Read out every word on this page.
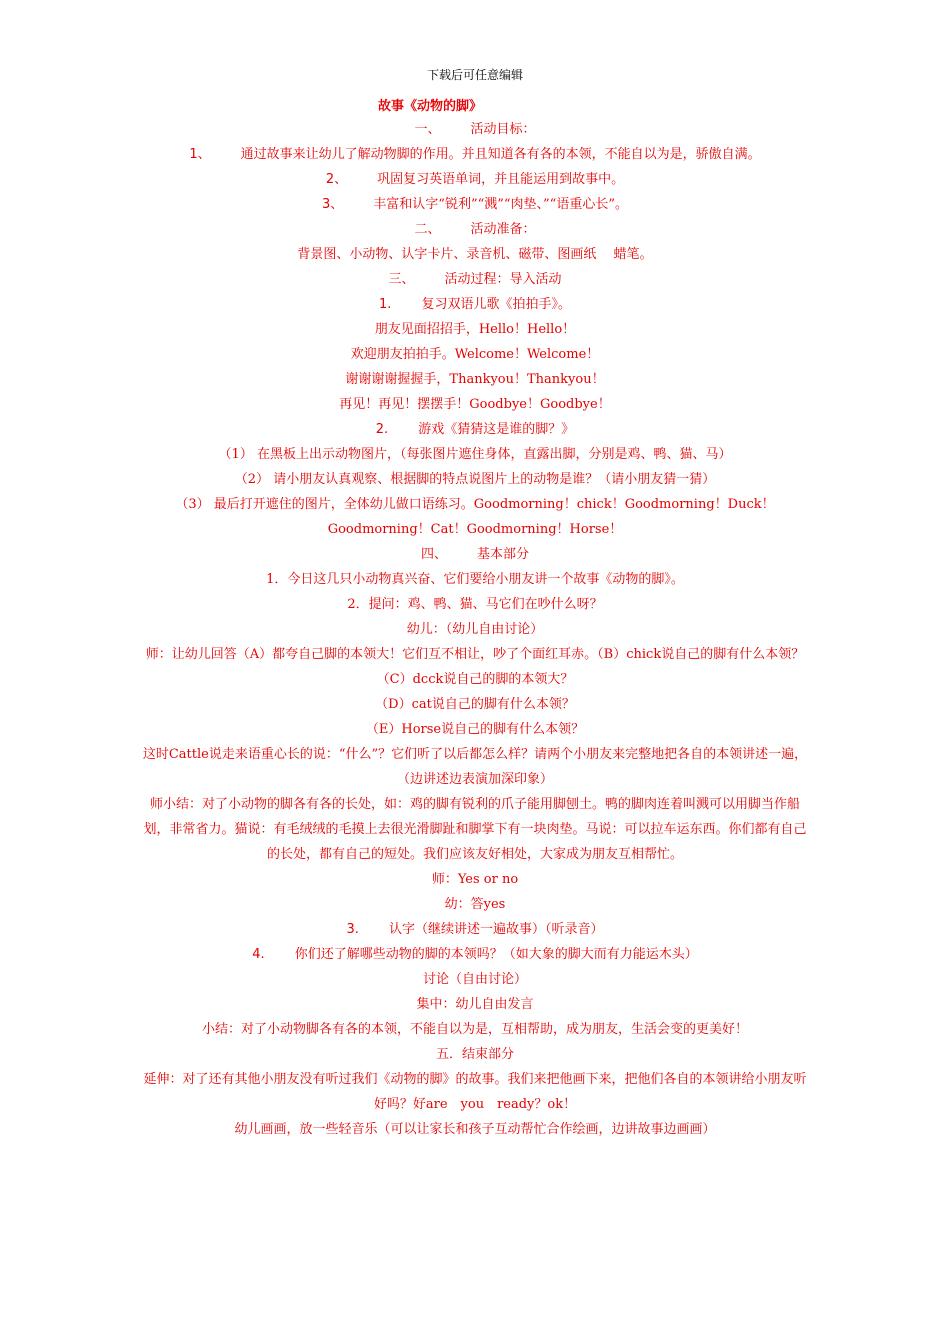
下载后可任意编辑
故事《动物的脚》
一、 活动目标：
1、 通过故事来让幼儿了解动物脚的作用。并且知道各有各的本领，不能自以为是，骄傲自满。
2、 巩固复习英语单词，并且能运用到故事中。
3、 丰富和认字“锐利”“溅”“肉垫、”“语重心长”。
二、 活动准备：
背景图、小动物、认字卡片、录音机、磁带、图画纸　 蜡笔。
三、 活动过程：导入活动
1. 复习双语儿歌《拍拍手》。
朋友见面招招手，Hello！Hello！
欢迎朋友拍拍手。Welcome！Welcome！
谢谢谢谢握握手，Thankyou！Thankyou！
再见！再见！摆摆手！Goodbye！Goodbye！
2. 游戏《猜猜这是谁的脚？》
（1） 在黑板上出示动物图片，（每张图片遮住身体，直露出脚，分别是鸡、鸭、猫、马）
（2） 请小朋友认真观察、根据脚的特点说图片上的动物是谁？（请小朋友猜一猜）
（3） 最后打开遮住的图片，全体幼儿做口语练习。Goodmorning！chick！Goodmorning！Duck！Goodmorning！Cat！Goodmorning！Horse！
四、 基本部分
1．今日这几只小动物真兴奋、它们要给小朋友讲一个故事《动物的脚》。
2．提问：鸡、鸭、猫、马它们在吵什么呀？
幼儿：（幼儿自由讨论）
师：让幼儿回答（A）都夸自己脚的本领大！它们互不相让，吵了个面红耳赤。（B）chick说自己的脚有什么本领？
（C）dcck说自己的脚的本领大？
（D）cat说自己的脚有什么本领？
（E）Horse说自己的脚有什么本领？
这时Cattle说走来语重心长的说：“什么”？它们听了以后都怎么样？请两个小朋友来完整地把各自的本领讲述一遍，（边讲述边表演加深印象）
师小结：对了小动物的脚各有各的长处，如：鸡的脚有锐利的爪子能用脚刨土。鸭的脚肉连着叫溅可以用脚当作船划，非常省力。猫说：有毛绒绒的毛摸上去很光滑脚趾和脚掌下有一块肉垫。马说：可以拉车运东西。你们都有自己的长处，都有自己的短处。我们应该友好相处，大家成为朋友互相帮忙。
师：Yes or no
幼：答yes
3. 认字（继续讲述一遍故事）（听录音）
4. 你们还了解哪些动物的脚的本领吗？（如大象的脚大而有力能运木头）
讨论（自由讨论）
集中：幼儿自由发言
小结：对了小动物脚各有各的本领，不能自以为是，互相帮助，成为朋友，生活会变的更美好！
五．结束部分
延伸：对了还有其他小朋友没有听过我们《动物的脚》的故事。我们来把他画下来，把他们各自的本领讲给小朋友听好吗？好are　you　ready？ok！
幼儿画画，放一些轻音乐（可以让家长和孩子互动帮忙合作绘画，边讲故事边画画）
